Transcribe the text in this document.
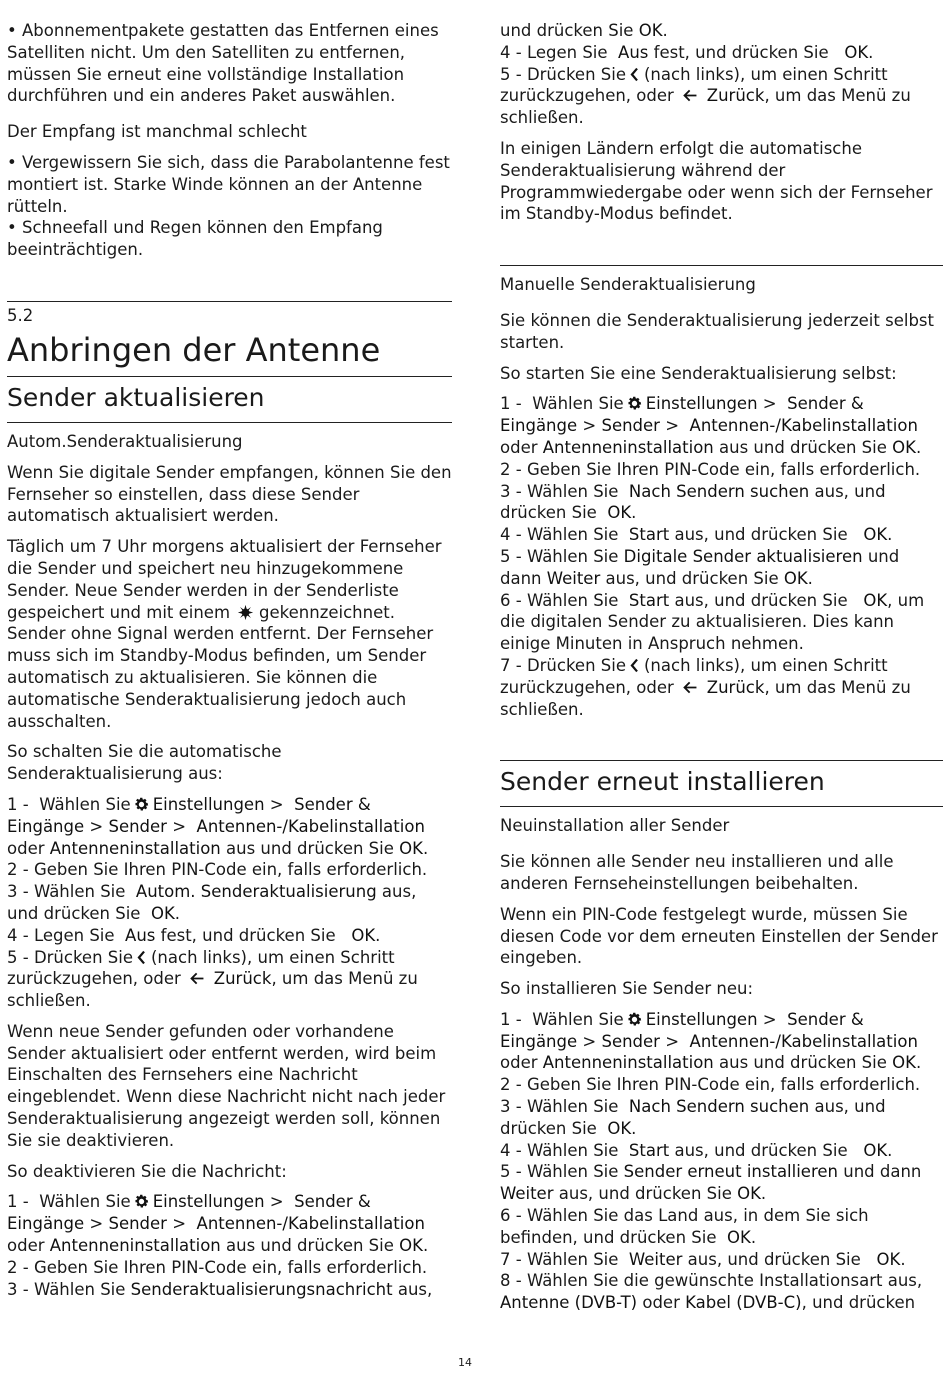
• Abonnementpakete gestatten das Entfernen eines Satelliten nicht. Um den Satelliten zu entfernen, müssen Sie erneut eine vollständige Installation durchführen und ein anderes Paket auswählen.

Der Empfang ist manchmal schlecht

• Vergewissern Sie sich, dass die Parabolantenne fest montiert ist. Starke Winde können an der Antenne rütteln.

• Schneefall und Regen können den Empfang beeinträchtigen.

5.2
Anbringen der Antenne
Sender aktualisieren

Autom.Senderaktualisierung

Wenn Sie digitale Sender empfangen, können Sie den Fernseher so einstellen, dass diese Sender automatisch aktualisiert werden.

Täglich um 7 Uhr morgens aktualisiert der Fernseher die Sender und speichert neu hinzugekommene Sender. Neue Sender werden in der Senderliste gespeichert und mit einem gekennzeichnet. Sender ohne Signal werden entfernt. Der Fernseher muss sich im Standby-Modus befinden, um Sender automatisch zu aktualisieren. Sie können die automatische Senderaktualisierung jedoch auch ausschalten.

So schalten Sie die automatische Senderaktualisierung aus:

1 - Wählen Sie Einstellungen > Sender & Eingänge > Sender > Antennen-/Kabelinstallation oder Antenneninstallation aus und drücken Sie OK.
2 - Geben Sie Ihren PIN-Code ein, falls erforderlich.
3 - Wählen Sie Autom. Senderaktualisierung aus, und drücken Sie OK.
4 - Legen Sie Aus fest, und drücken Sie OK.
5 - Drücken Sie (nach links), um einen Schritt zurückzugehen, oder Zurück, um das Menü zu schließen.

Wenn neue Sender gefunden oder vorhandene Sender aktualisiert oder entfernt werden, wird beim Einschalten des Fernsehers eine Nachricht eingeblendet. Wenn diese Nachricht nicht nach jeder Senderaktualisierung angezeigt werden soll, können Sie sie deaktivieren.

So deaktivieren Sie die Nachricht:

1 - Wählen Sie Einstellungen > Sender & Eingänge > Sender > Antennen-/Kabelinstallation oder Antenneninstallation aus und drücken Sie OK.
2 - Geben Sie Ihren PIN-Code ein, falls erforderlich.
3 - Wählen Sie Senderaktualisierungsnachricht aus,
und drücken Sie OK.
4 - Legen Sie Aus fest, und drücken Sie OK.
5 - Drücken Sie (nach links), um einen Schritt zurückzugehen, oder Zurück, um das Menü zu schließen.

In einigen Ländern erfolgt die automatische Senderaktualisierung während der Programmwiedergabe oder wenn sich der Fernseher im Standby-Modus befindet.

Manuelle Senderaktualisierung

Sie können die Senderaktualisierung jederzeit selbst starten.

So starten Sie eine Senderaktualisierung selbst:

1 - Wählen Sie Einstellungen > Sender & Eingänge > Sender > Antennen-/Kabelinstallation oder Antenneninstallation aus und drücken Sie OK.
2 - Geben Sie Ihren PIN-Code ein, falls erforderlich.
3 - Wählen Sie Nach Sendern suchen aus, und drücken Sie OK.
4 - Wählen Sie Start aus, und drücken Sie OK.
5 - Wählen Sie Digitale Sender aktualisieren und dann Weiter aus, und drücken Sie OK.
6 - Wählen Sie Start aus, und drücken Sie OK, um die digitalen Sender zu aktualisieren. Dies kann einige Minuten in Anspruch nehmen.
7 - Drücken Sie (nach links), um einen Schritt zurückzugehen, oder Zurück, um das Menü zu schließen.
Sender erneut installieren

Neuinstallation aller Sender

Sie können alle Sender neu installieren und alle anderen Fernseheinstellungen beibehalten.

Wenn ein PIN-Code festgelegt wurde, müssen Sie diesen Code vor dem erneuten Einstellen der Sender eingeben.

So installieren Sie Sender neu:

1 - Wählen Sie Einstellungen > Sender & Eingänge > Sender > Antennen-/Kabelinstallation oder Antenneninstallation aus und drücken Sie OK.
2 - Geben Sie Ihren PIN-Code ein, falls erforderlich.
3 - Wählen Sie Nach Sendern suchen aus, und drücken Sie OK.
4 - Wählen Sie Start aus, und drücken Sie OK.
5 - Wählen Sie Sender erneut installieren und dann Weiter aus, und drücken Sie OK.
6 - Wählen Sie das Land aus, in dem Sie sich befinden, und drücken Sie OK.
7 - Wählen Sie Weiter aus, und drücken Sie OK.
8 - Wählen Sie die gewünschte Installationsart aus, Antenne (DVB-T) oder Kabel (DVB-C), und drücken
14
